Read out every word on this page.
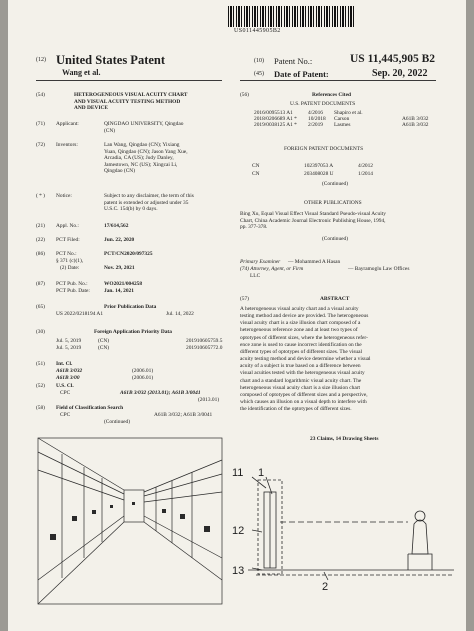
US011445905B2
(12) United States Patent
Wang et al.
(10) Patent No.:	US 11,445,905 B2
(45) Date of Patent:	Sep. 20, 2022
(54)	HETEROGENEOUS VISUAL ACUITY CHART
AND VISUAL ACUITY TESTING METHOD
AND DEVICE
(71) Applicant:	QINGDAO UNIVERSITY, Qingdao
(CN)
(72) Inventors:	Lan Wang, Qingdao (CN); Yixiang
Yuan, Qingdao (CN); Jason Yang Xue,
Arcadia, CA (US); Judy Danley,
Jamestown, NC (US); Xingcai Li,
Qingdao (CN)
( * ) Notice:	Subject to any disclaimer, the term of this
patent is extended or adjusted under 35
U.S.C. 154(b) by 0 days.
(21) Appl. No.:	17/614,562
(22) PCT Filed:	Jun. 22, 2020
(86) PCT No.:	PCT/CN2020/097325
§ 371 (c)(1),
(2) Date:	Nov. 29, 2021
(87) PCT Pub. No.:	WO2021/004258
PCT Pub. Date:	Jan. 14, 2021
(65)	Prior Publication Data
US 2022/0218194 A1	Jul. 14, 2022
(30)	Foreign Application Priority Data
Jul. 5, 2019	(CN)	201910605759.5
Jul. 5, 2019	(CN)	201910605772.0
(51) Int. Cl.
A61B 3/032	(2006.01)
A61B 3/00	(2006.01)
(52) U.S. Cl.
CPC	A61B 3/032 (2013.01); A61B 3/0041
(2013.01)
(58) Field of Classification Search
CPC	A61B 3/032; A61B 3/0041
(Continued)
(56)	References Cited
U.S. PATENT DOCUMENTS
2016/0095513 A1	4/2016 Shapiro et al.
2018/0206689 A1 * 10/2018 Carson	A61B 3/032
2019/0038125 A1 * 2/2019 Lasmes	A61B 3/032
FOREIGN PATENT DOCUMENTS
CN	102397053 A	4/2012
CN	203408028 U	1/2014
(Continued)
OTHER PUBLICATIONS
Bing Xu, Equal Visual Effect Visual Standard Pseudo-visual Acuity
Chart, China Academic Journal Electronic Publishing House, 1994,
pp. 377-378.
(Continued)
Primary Examiner — Mohammed A Hasan
(74) Attorney, Agent, or Firm	— Bayramoglu Law Offices
LLC
(57)	ABSTRACT
A heterogeneous visual acuity chart and a visual acuity
testing method and device are provided. The heterogeneous
visual acuity chart is a size illusion chart composed of a
heterogeneous reference zone and at least two types of
optotypes of different sizes, where the heterogeneous refer-
ence zone is used to cause incorrect identification on the
different types of optotypes of different sizes. The visual
acuity testing method and device determine whether a visual
acuity of a subject is true based on a difference between
visual acuities tested with the heterogeneous visual acuity
chart and a standard logarithmic visual acuity chart. The
heterogeneous visual acuity chart is a size illusion chart
composed of optotypes of different sizes and a perspective,
which causes an illusion on a visual depth to interfere with
the identification of the optotypes of different sizes.
23 Claims, 14 Drawing Sheets
11 1
12
13
2
